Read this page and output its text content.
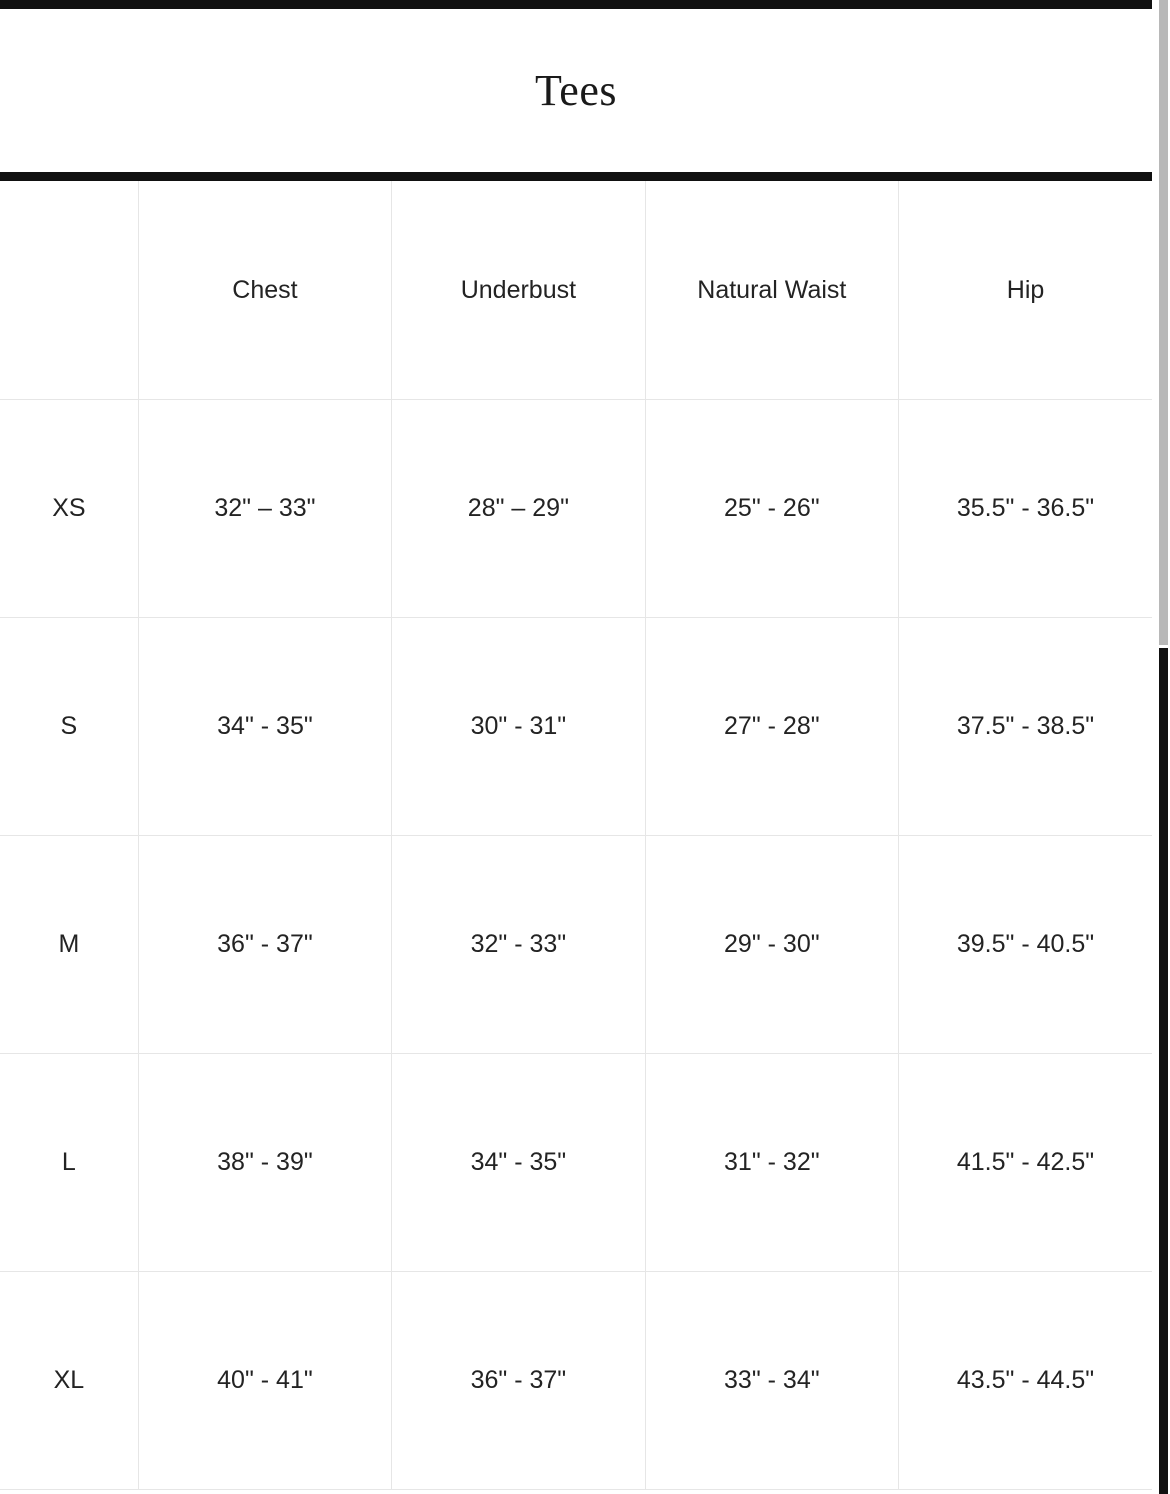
Tees
	Chest	Underbust	Natural Waist	Hip
XS	32" – 33"	28" – 29"	25" - 26"	35.5" - 36.5"
S	34" - 35"	30" - 31"	27" - 28"	37.5" - 38.5"
M	36" - 37"	32" - 33"	29" - 30"	39.5" - 40.5"
L	38" - 39"	34" - 35"	31" - 32"	41.5" - 42.5"
XL	40" - 41"	36" - 37"	33" - 34"	43.5" - 44.5"
